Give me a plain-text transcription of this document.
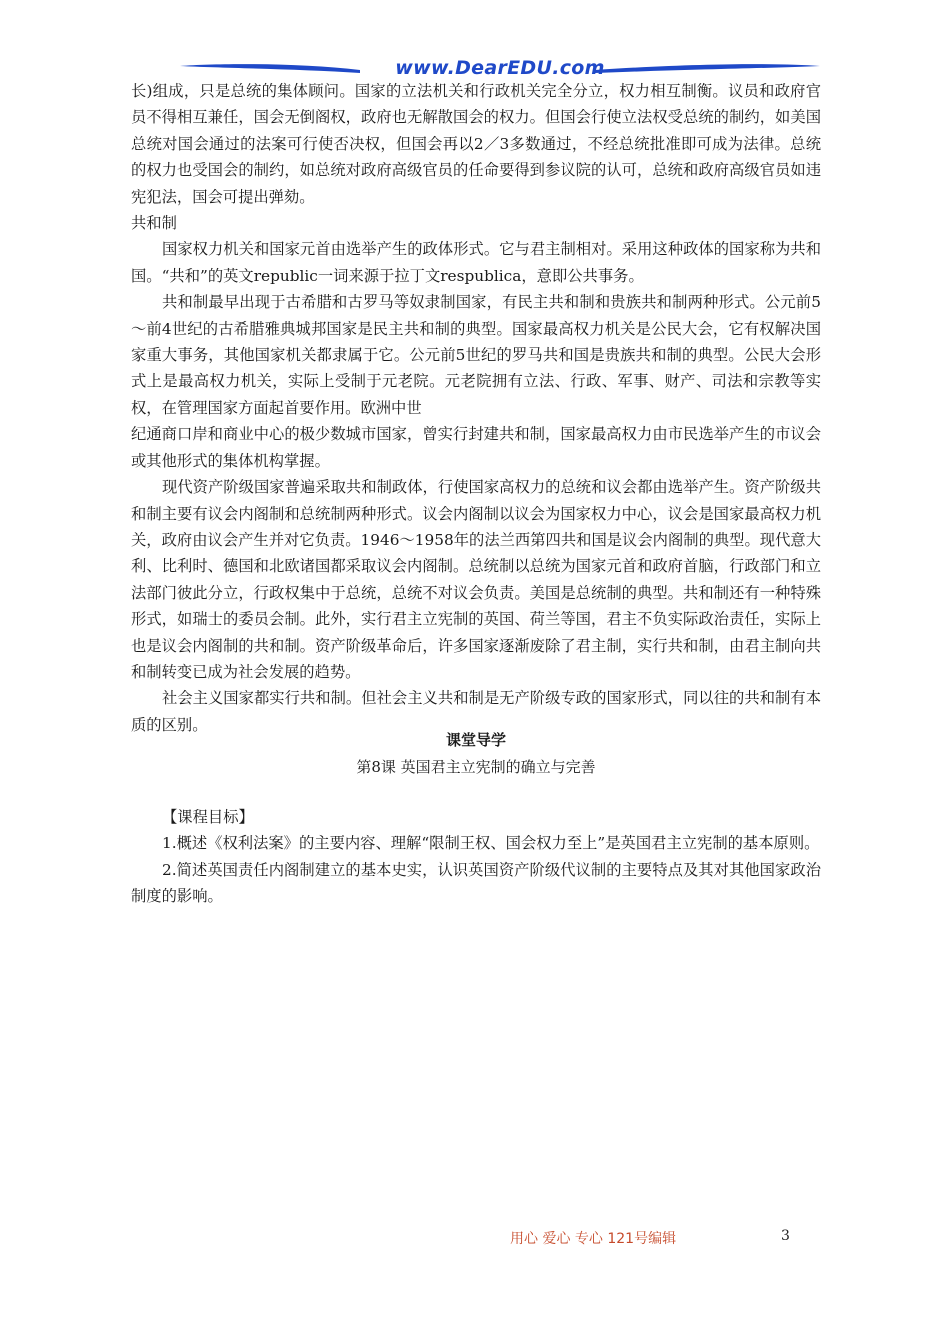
www.DearEDU.com

长)组成，只是总统的集体顾问。国家的立法机关和行政机关完全分立，权力相互制衡。议员和政府官员不得相互兼任，国会无倒阁权，政府也无解散国会的权力。但国会行使立法权受总统的制约，如美国总统对国会通过的法案可行使否决权，但国会再以2／3多数通过，不经总统批准即可成为法律。总统的权力也受国会的制约，如总统对政府高级官员的任命要得到参议院的认可，总统和政府高级官员如违宪犯法，国会可提出弹劾。

共和制

国家权力机关和国家元首由选举产生的政体形式。它与君主制相对。采用这种政体的国家称为共和国。“共和”的英文republic一词来源于拉丁文respublica，意即公共事务。

共和制最早出现于古希腊和古罗马等奴隶制国家，有民主共和制和贵族共和制两种形式。公元前5～前4世纪的古希腊雅典城邦国家是民主共和制的典型。国家最高权力机关是公民大会，它有权解决国家重大事务，其他国家机关都隶属于它。公元前5世纪的罗马共和国是贵族共和制的典型。公民大会形式上是最高权力机关，实际上受制于元老院。元老院拥有立法、行政、军事、财产、司法和宗教等实权，在管理国家方面起首要作用。欧洲中世

纪通商口岸和商业中心的极少数城市国家，曾实行封建共和制，国家最高权力由市民选举产生的市议会或其他形式的集体机构掌握。

现代资产阶级国家普遍采取共和制政体，行使国家高权力的总统和议会都由选举产生。资产阶级共和制主要有议会内阁制和总统制两种形式。议会内阁制以议会为国家权力中心，议会是国家最高权力机关，政府由议会产生并对它负责。1946～1958年的法兰西第四共和国是议会内阁制的典型。现代意大利、比利时、德国和北欧诸国都采取议会内阁制。总统制以总统为国家元首和政府首脑，行政部门和立法部门彼此分立，行政权集中于总统，总统不对议会负责。美国是总统制的典型。共和制还有一种特殊形式，如瑞士的委员会制。此外，实行君主立宪制的英国、荷兰等国，君主不负实际政治责任，实际上也是议会内阁制的共和制。资产阶级革命后，许多国家逐渐废除了君主制，实行共和制，由君主制向共和制转变已成为社会发展的趋势。

社会主义国家都实行共和制。但社会主义共和制是无产阶级专政的国家形式，同以往的共和制有本质的区别。

课堂导学
第8课 英国君主立宪制的确立与完善

【课程目标】

1.概述《权利法案》的主要内容、理解“限制王权、国会权力至上”是英国君主立宪制的基本原则。

2.简述英国责任内阁制建立的基本史实，认识英国资产阶级代议制的主要特点及其对其他国家政治制度的影响。

用心 爱心 专心 121号编辑	3
